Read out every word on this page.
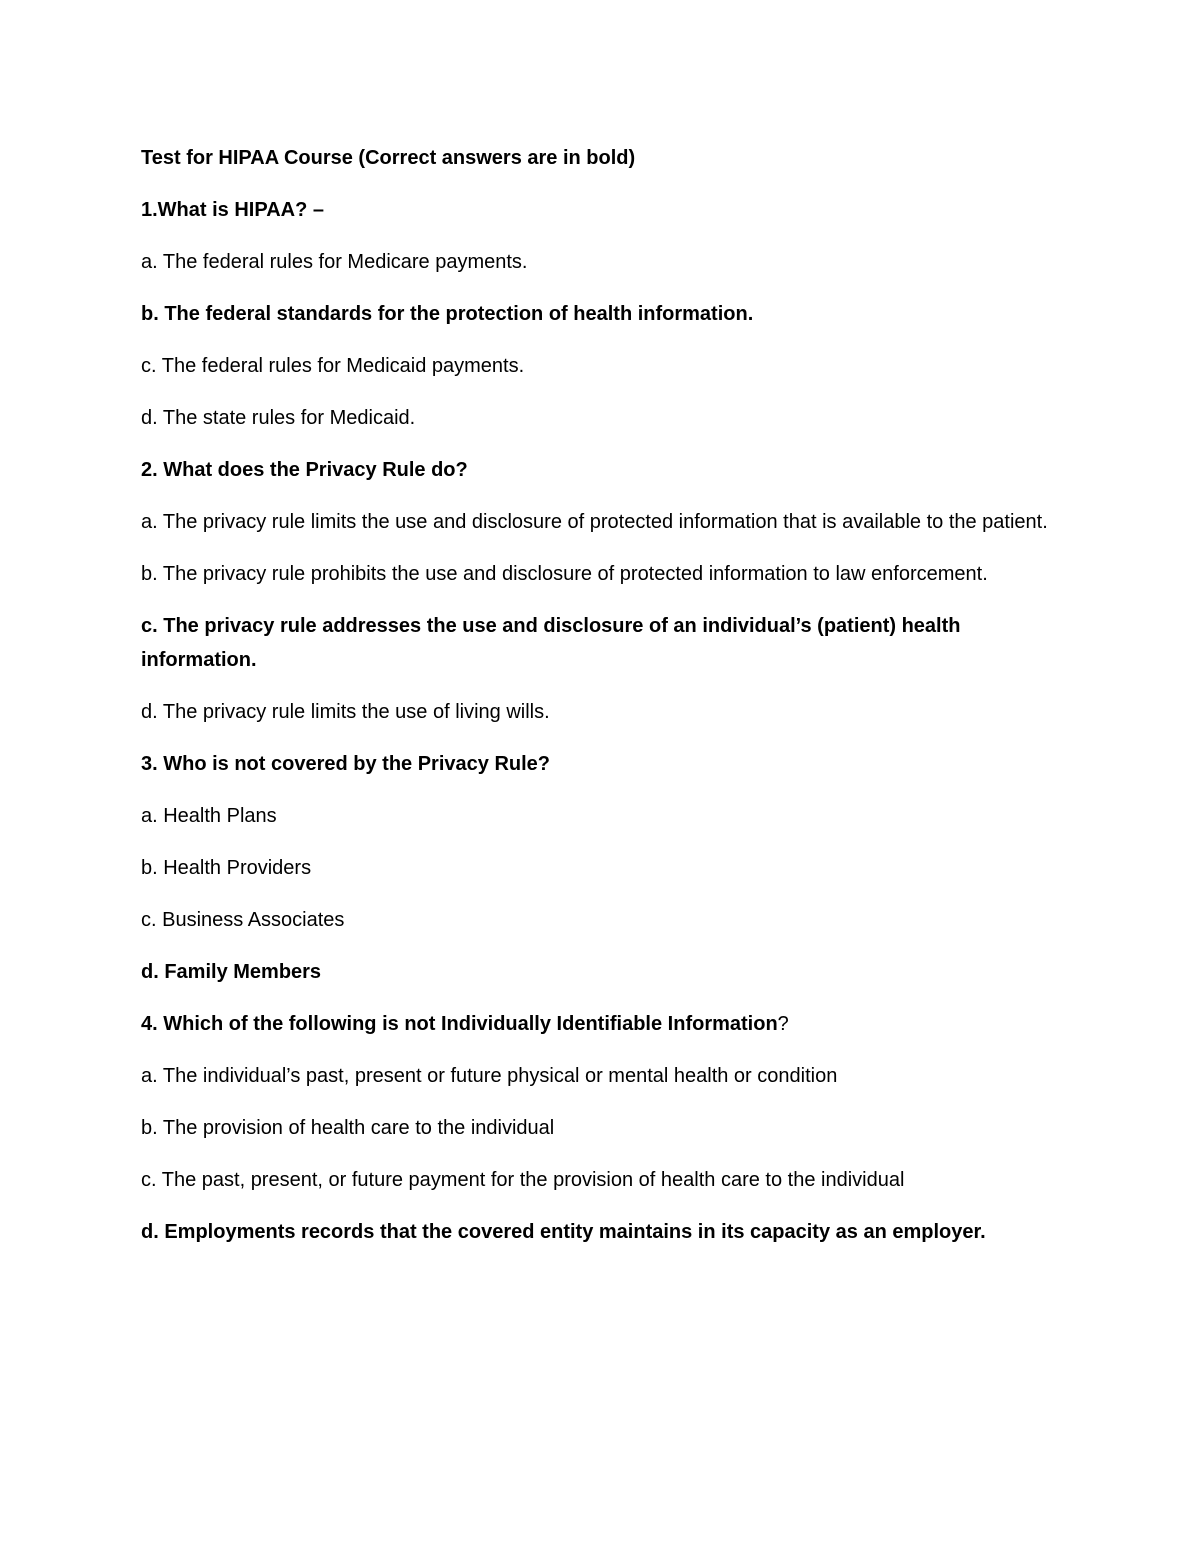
Test for HIPAA Course (Correct answers are in bold)

1.What is HIPAA? –

a. The federal rules for Medicare payments.

b. The federal standards for the protection of health information.

c. The federal rules for Medicaid payments.

d. The state rules for Medicaid.

2. What does the Privacy Rule do?

a. The privacy rule limits the use and disclosure of protected information that is available to the patient.

b. The privacy rule prohibits the use and disclosure of protected information to law enforcement.

c. The privacy rule addresses the use and disclosure of an individual’s (patient) health information.

d. The privacy rule limits the use of living wills.

3. Who is not covered by the Privacy Rule?

a. Health Plans

b. Health Providers

c. Business Associates

d. Family Members

4. Which of the following is not Individually Identifiable Information?

a. The individual’s past, present or future physical or mental health or condition

b. The provision of health care to the individual

c. The past, present, or future payment for the provision of health care to the individual

d. Employments records that the covered entity maintains in its capacity as an employer.
